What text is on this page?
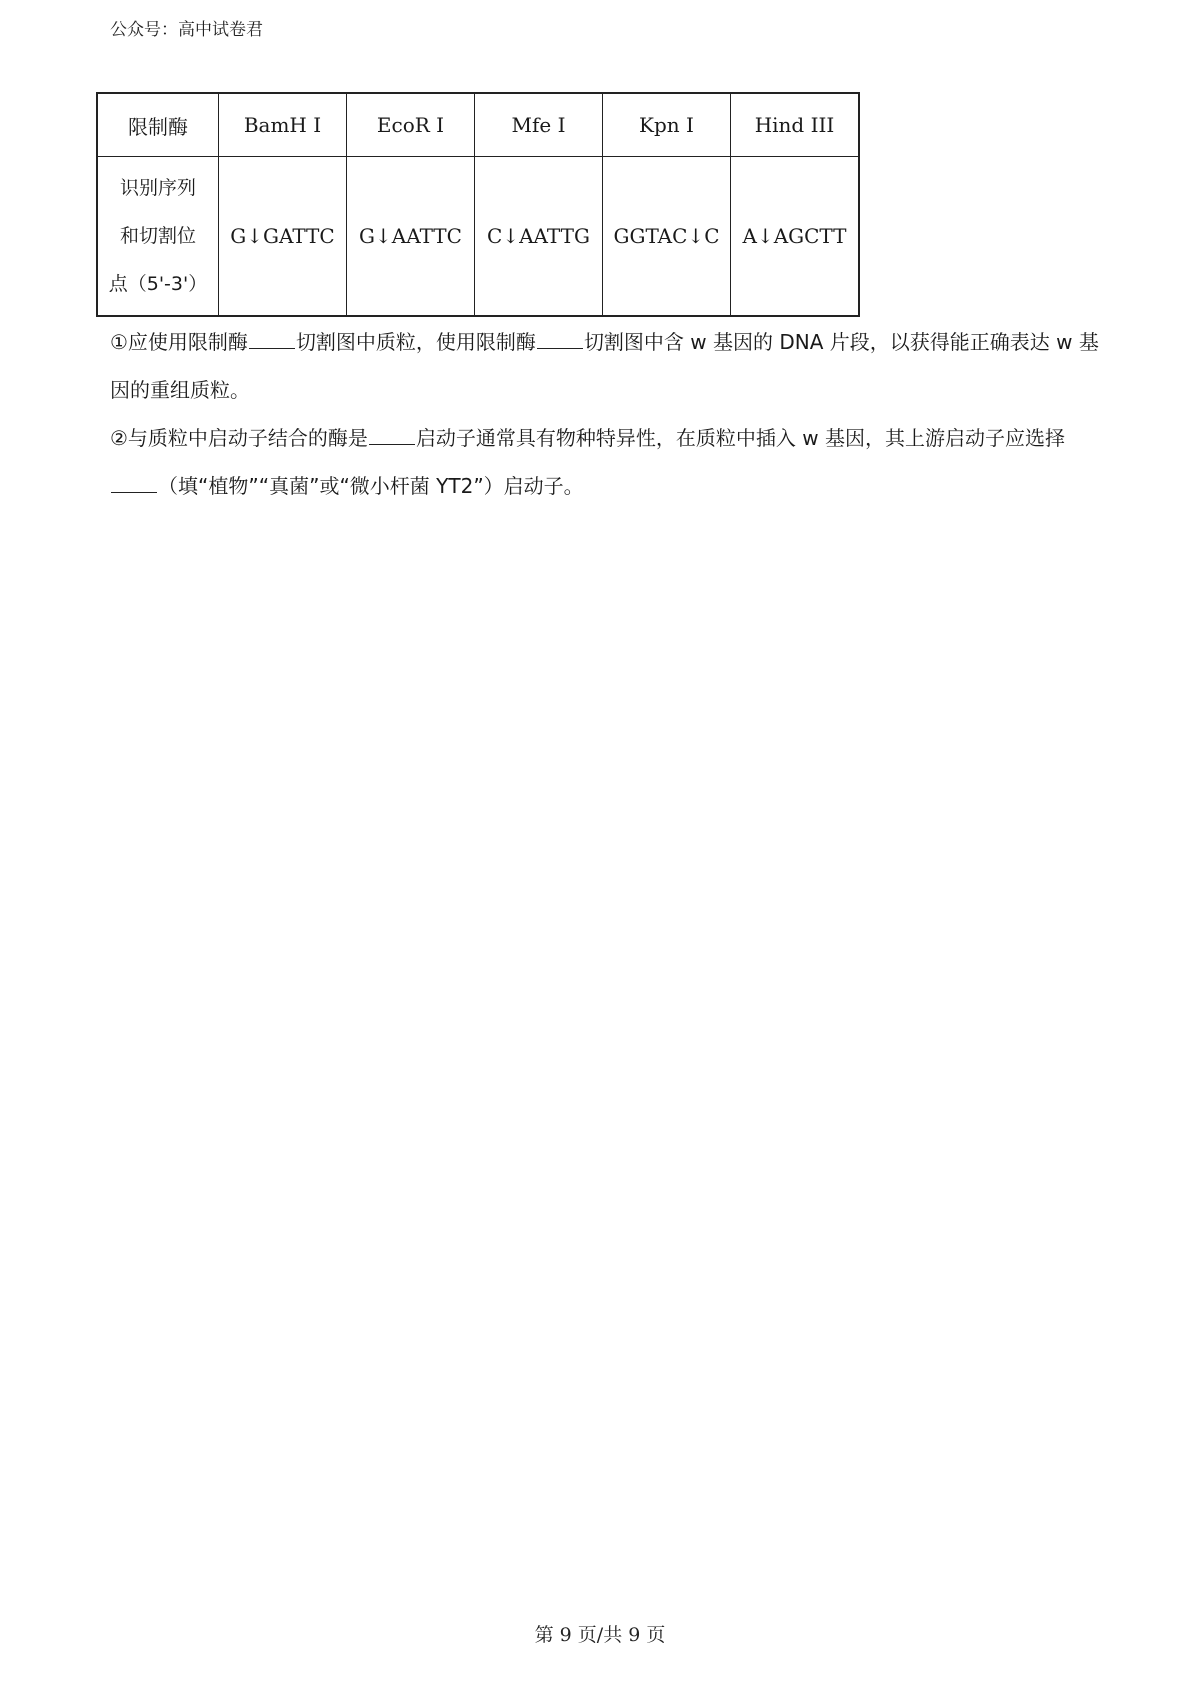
公众号：高中试卷君
限制酶	BamH I	EcoR I	Mfe I	Kpn I	Hind III

识别序列
和切割位
点（5'-3'）	G↓GATTC	G↓AATTC	C↓AATTG	GGTAC↓C	A↓AGCTT
①应使用限制酶 切割图中质粒，使用限制酶 切割图中含 w 基因的 DNA 片段，以获得能正确表达 w 基因的重组质粒。
②与质粒中启动子结合的酶是 启动子通常具有物种特异性，在质粒中插入 w 基因，其上游启动子应选择（填“植物”“真菌”或“微小杆菌 YT2”）启动子。
第 9 页/共 9 页
